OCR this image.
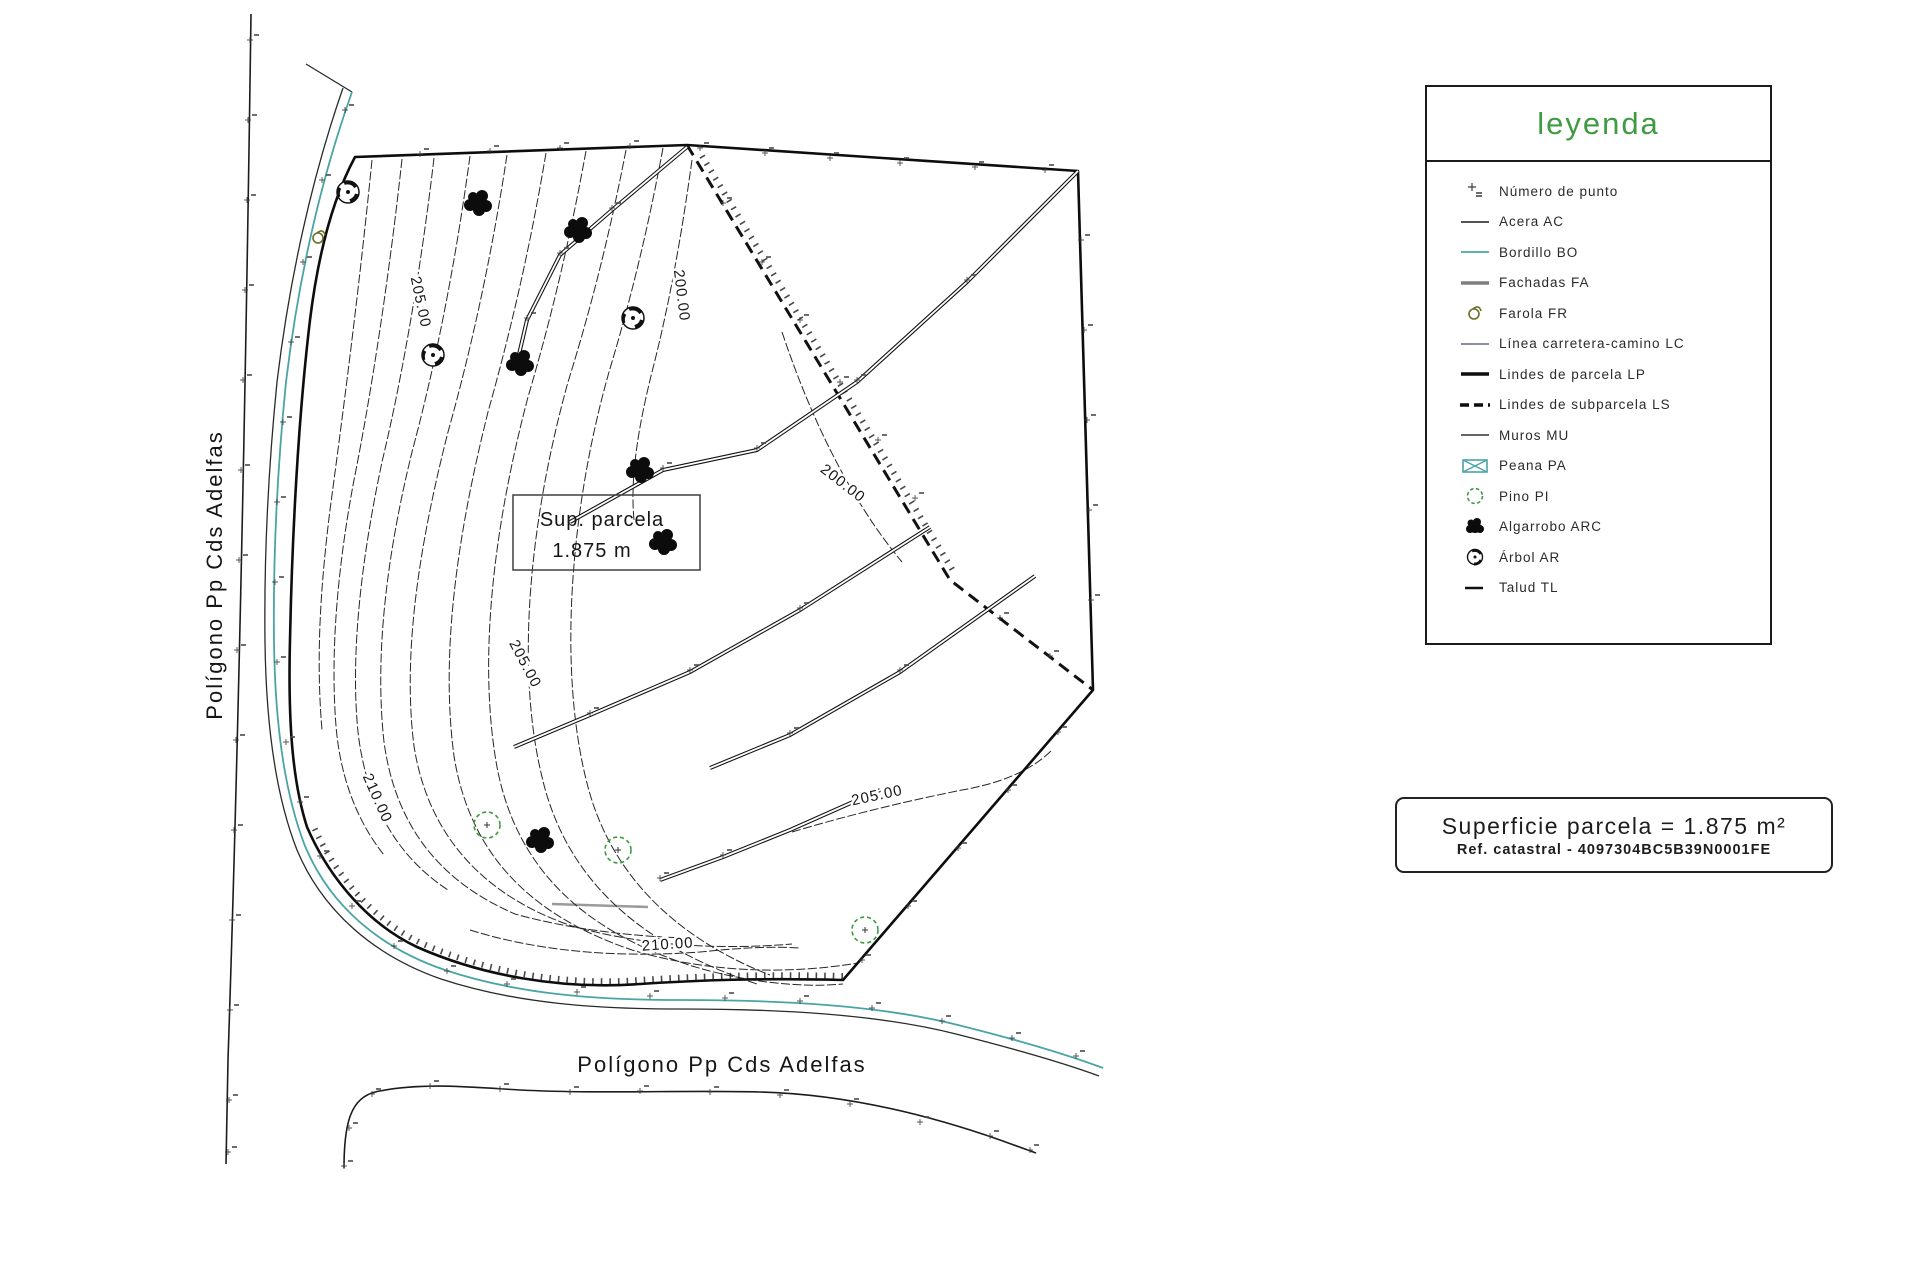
Sup. parcela
1.875 m
205.00	200.00
200.00
205.00
210.00	205.00
210.00
Polígono Pp Cds Adelfas
Polígono Pp Cds Adelfas
leyenda
Número de punto
Acera AC
Bordillo BO
Fachadas FA
Farola FR
Línea carretera-camino LC
Lindes de parcela LP
Lindes de subparcela LS
Muros MU
Peana PA
Pino PI
Algarrobo ARC
Árbol AR
Talud TL
Superficie parcela = 1.875 m²
Ref. catastral - 4097304BC5B39N0001FE
